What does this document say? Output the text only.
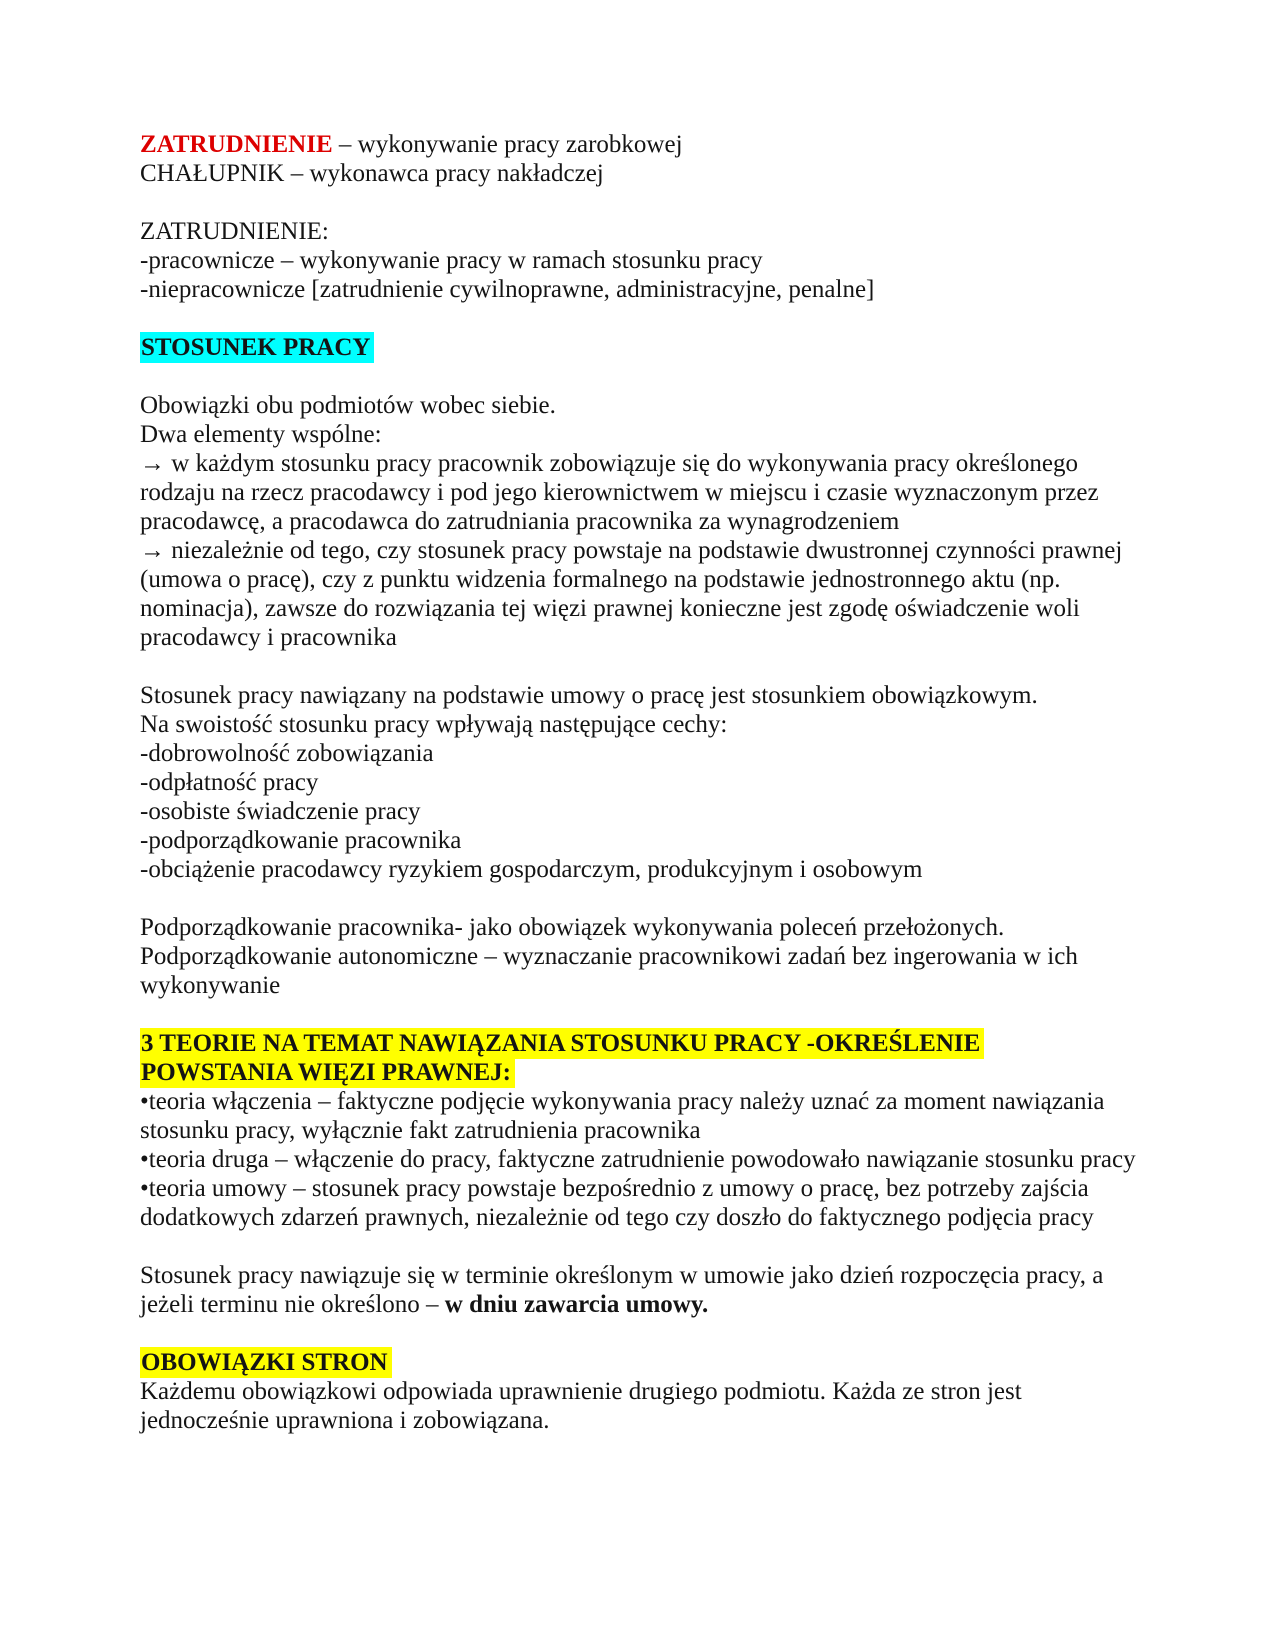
ZATRUDNIENIE – wykonywanie pracy zarobkowej

CHAŁUPNIK – wykonawca pracy nakładczej

ZATRUDNIENIE:

-pracownicze – wykonywanie pracy w ramach stosunku pracy

-niepracownicze [zatrudnienie cywilnoprawne, administracyjne, penalne]

STOSUNEK PRACY

Obowiązki obu podmiotów wobec siebie.

Dwa elementy wspólne:

→ w każdym stosunku pracy pracownik zobowiązuje się do wykonywania pracy określonego rodzaju na rzecz pracodawcy i pod jego kierownictwem w miejscu i czasie wyznaczonym przez pracodawcę, a pracodawca do zatrudniania pracownika za wynagrodzeniem

→ niezależnie od tego, czy stosunek pracy powstaje na podstawie dwustronnej czynności prawnej (umowa o pracę), czy z punktu widzenia formalnego na podstawie jednostronnego aktu (np. nominacja), zawsze do rozwiązania tej więzi prawnej konieczne jest zgodę oświadczenie woli pracodawcy i pracownika

Stosunek pracy nawiązany na podstawie umowy o pracę jest stosunkiem obowiązkowym.

Na swoistość stosunku pracy wpływają następujące cechy:

-dobrowolność zobowiązania

-odpłatność pracy

-osobiste świadczenie pracy

-podporządkowanie pracownika

-obciążenie pracodawcy ryzykiem gospodarczym, produkcyjnym i osobowym

Podporządkowanie pracownika- jako obowiązek wykonywania poleceń przełożonych.

Podporządkowanie autonomiczne – wyznaczanie pracownikowi zadań bez ingerowania w ich wykonywanie

3 TEORIE NA TEMAT NAWIĄZANIA STOSUNKU PRACY -OKREŚLENIE
POWSTANIA WIĘZI PRAWNEJ:

•teoria włączenia – faktyczne podjęcie wykonywania pracy należy uznać za moment nawiązania stosunku pracy, wyłącznie fakt zatrudnienia pracownika

•teoria druga – włączenie do pracy, faktyczne zatrudnienie powodowało nawiązanie stosunku pracy

•teoria umowy – stosunek pracy powstaje bezpośrednio z umowy o pracę, bez potrzeby zajścia dodatkowych zdarzeń prawnych, niezależnie od tego czy doszło do faktycznego podjęcia pracy

Stosunek pracy nawiązuje się w terminie określonym w umowie jako dzień rozpoczęcia pracy, a jeżeli terminu nie określono – w dniu zawarcia umowy.

OBOWIĄZKI STRON

Każdemu obowiązkowi odpowiada uprawnienie drugiego podmiotu. Każda ze stron jest jednocześnie uprawniona i zobowiązana.
